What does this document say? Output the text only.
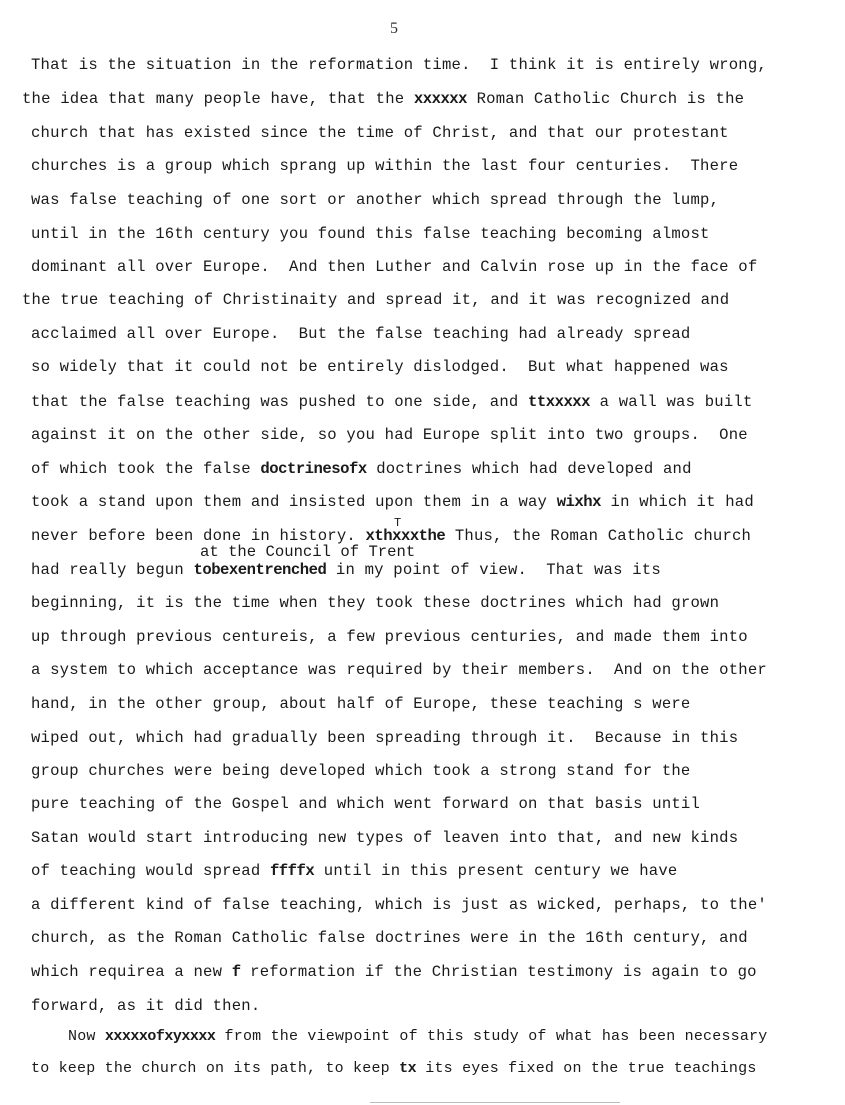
5
That is the situation in the reformation time.  I think it is entirely wrong,
the idea that many people have, that the xxxxxx Roman Catholic Church is the
church that has existed since the time of Christ, and that our protestant
churches is a group which sprang up within the last four centuries.  There
was false teaching of one sort or another which spread through the lump,
until in the 16th century you found this false teaching becoming almost
dominant all over Europe.  And then Luther and Calvin rose up in the face of
the true teaching of Christinaity and spread it, and it was recognized and
acclaimed all over Europe.  But the false teaching had already spread
so widely that it could not be entirely dislodged.  But what happened was
that the false teaching was pushed to one side, and ttxxxxx a wall was built
against it on the other side, so you had Europe split into two groups.  One
of which took the false doctrinesofx doctrines which had developed and
took a stand upon them and insisted upon them in a way wixhx in which it had
never before been done in history. xthxxxthe Thus, the Roman Catholic church
T
at the Council of Trent
had really begun tobexentrenched in my point of view.  That was its
beginning, it is the time when they took these doctrines which had grown
up through previous centureis, a few previous centuries, and made them into
a system to which acceptance was required by their members.  And on the other
hand, in the other group, about half of Europe, these teaching s were
wiped out, which had gradually been spreading through it.  Because in this
group churches were being developed which took a strong stand for the
pure teaching of the Gospel and which went forward on that basis until
Satan would start introducing new types of leaven into that, and new kinds
of teaching would spread ffffx until in this present century we have
a different kind of false teaching, which is just as wicked, perhaps, to the'
church, as the Roman Catholic false doctrines were in the 16th century, and
which requirea a new f reformation if the Christian testimony is again to go
forward, as it did then.
Now xxxxxofxyxxxx from the viewpoint of this study of what has been necessary
to keep the church on its path, to keep tx its eyes fixed on the true teachings
